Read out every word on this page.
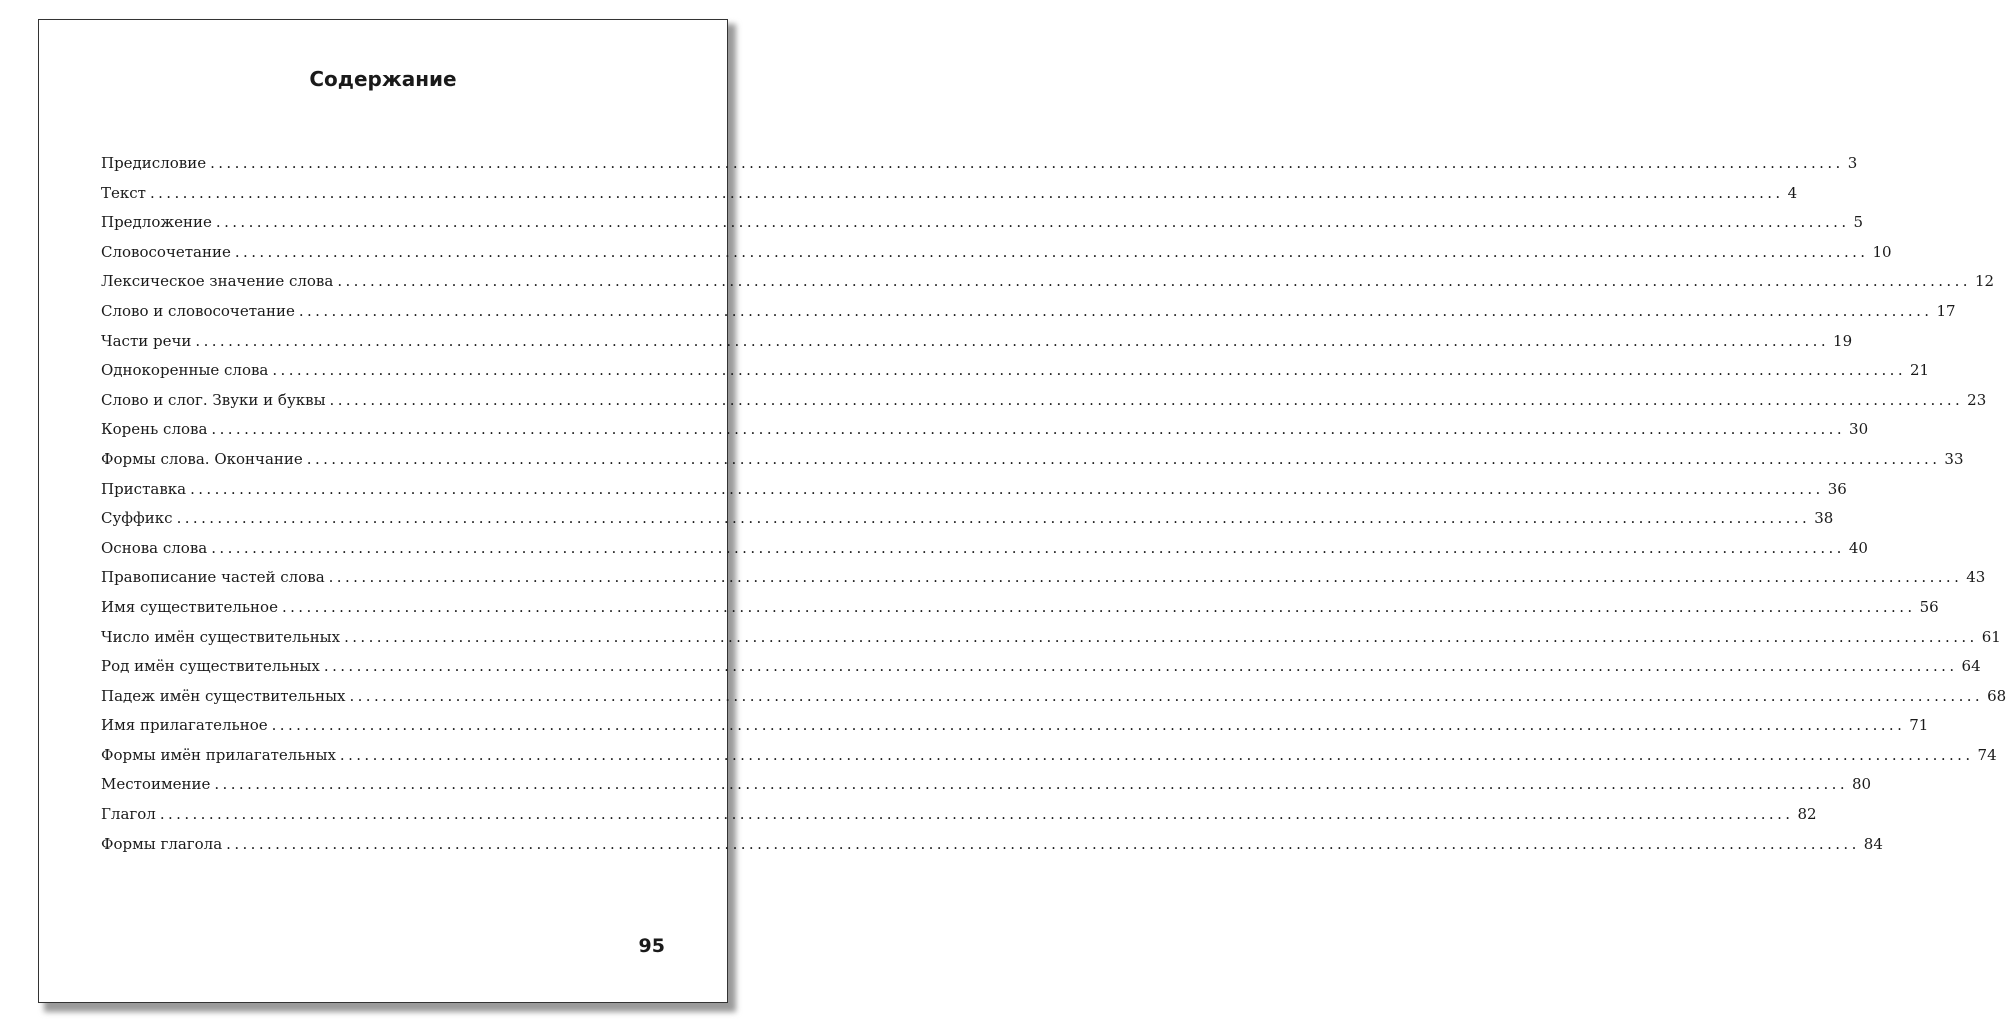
Содержание
Предисловие ........................................................................................................................................................................................................ 3
Текст ........................................................................................................................................................................................................ 4
Предложение ........................................................................................................................................................................................................ 5
Словосочетание ........................................................................................................................................................................................................ 10
Лексическое значение слова ........................................................................................................................................................................................................ 12
Слово и словосочетание ........................................................................................................................................................................................................ 17
Части речи ........................................................................................................................................................................................................ 19
Однокоренные слова ........................................................................................................................................................................................................ 21
Слово и слог. Звуки и буквы ........................................................................................................................................................................................................ 23
Корень слова ........................................................................................................................................................................................................ 30
Формы слова. Окончание ........................................................................................................................................................................................................ 33
Приставка ........................................................................................................................................................................................................ 36
Суффикс ........................................................................................................................................................................................................ 38
Основа слова ........................................................................................................................................................................................................ 40
Правописание частей слова ........................................................................................................................................................................................................ 43
Имя существительное ........................................................................................................................................................................................................ 56
Число имён существительных ........................................................................................................................................................................................................ 61
Род имён существительных ........................................................................................................................................................................................................ 64
Падеж имён существительных ........................................................................................................................................................................................................ 68
Имя прилагательное ........................................................................................................................................................................................................ 71
Формы имён прилагательных ........................................................................................................................................................................................................ 74
Местоимение ........................................................................................................................................................................................................ 80
Глагол ........................................................................................................................................................................................................ 82
Формы глагола ........................................................................................................................................................................................................ 84
95
